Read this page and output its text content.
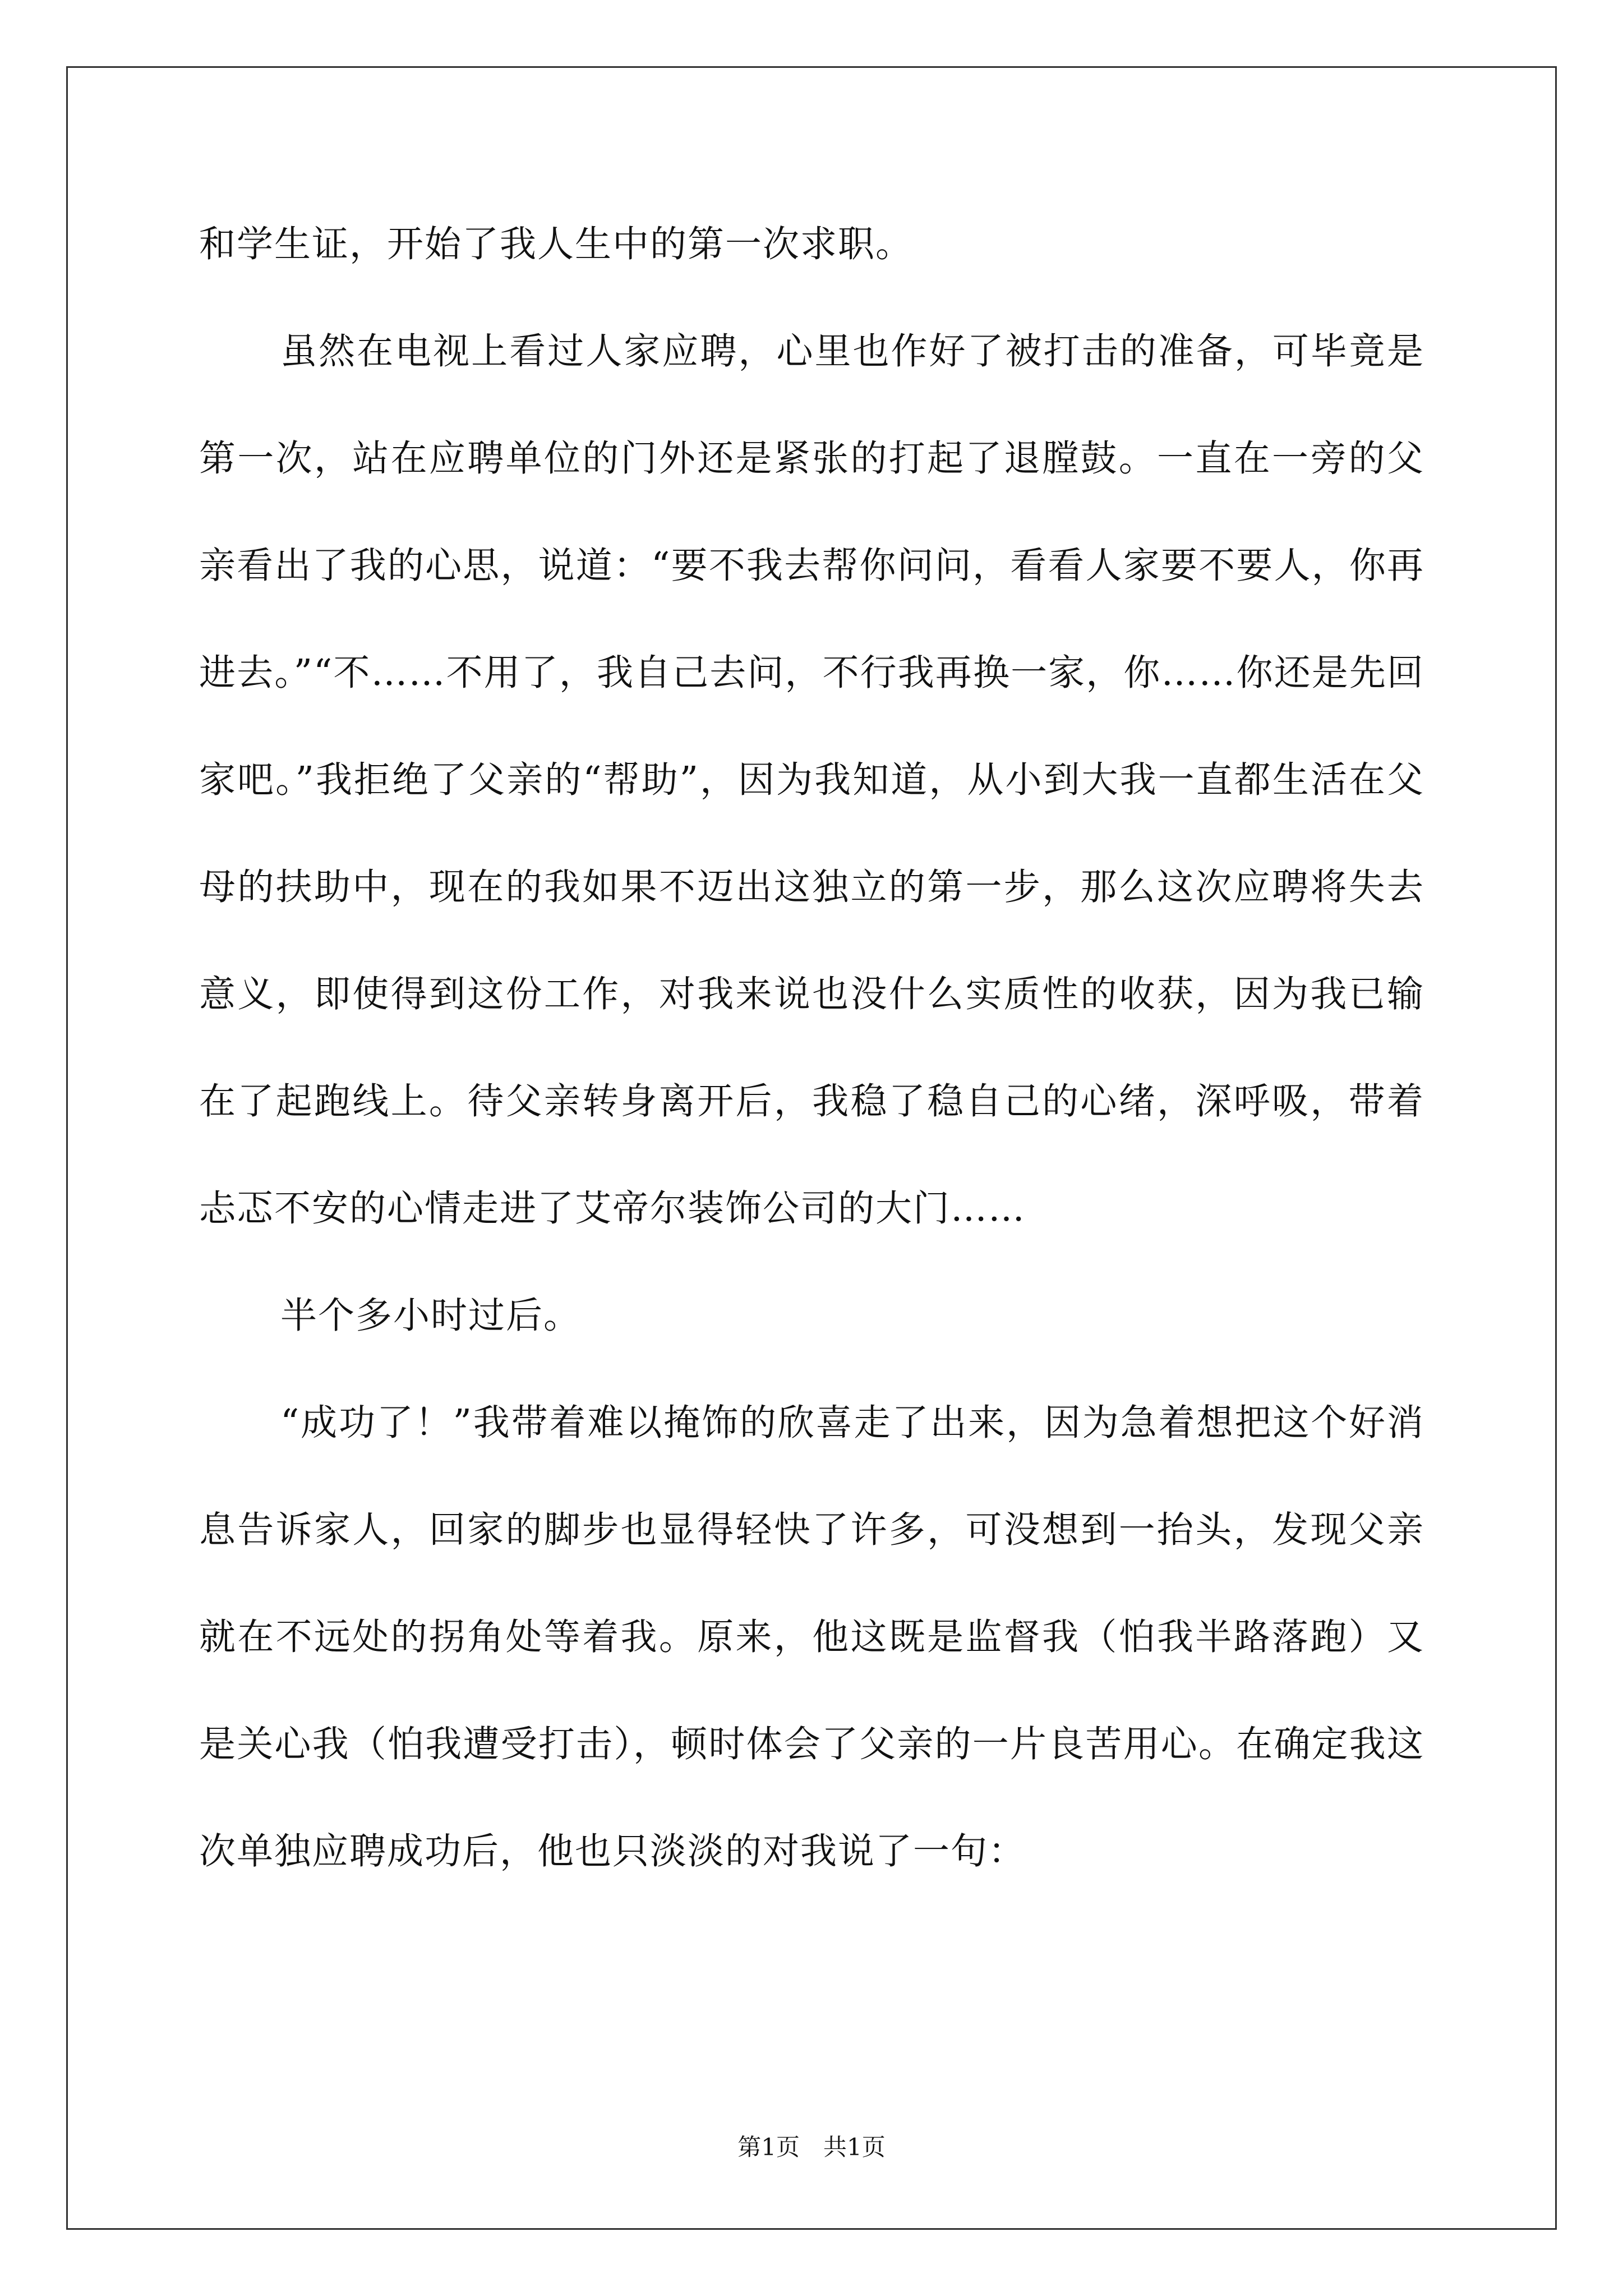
和学生证，开始了我人生中的第一次求职。

虽然在电视上看过人家应聘，心里也作好了被打击的准备，可毕竟是第一次，站在应聘单位的门外还是紧张的打起了退膛鼓。一直在一旁的父亲看出了我的心思，说道：“要不我去帮你问问，看看人家要不要人，你再进去。”“不……不用了，我自己去问，不行我再换一家，你……你还是先回家吧。”我拒绝了父亲的“帮助”，因为我知道，从小到大我一直都生活在父母的扶助中，现在的我如果不迈出这独立的第一步，那么这次应聘将失去意义，即使得到这份工作，对我来说也没什么实质性的收获，因为我已输在了起跑线上。待父亲转身离开后，我稳了稳自己的心绪，深呼吸，带着忐忑不安的心情走进了艾帝尔装饰公司的大门……

半个多小时过后。

“成功了！”我带着难以掩饰的欣喜走了出来，因为急着想把这个好消息告诉家人，回家的脚步也显得轻快了许多，可没想到一抬头，发现父亲就在不远处的拐角处等着我。原来，他这既是监督我（怕我半路落跑）又是关心我（怕我遭受打击），顿时体会了父亲的一片良苦用心。在确定我这次单独应聘成功后，他也只淡淡的对我说了一句：

第1页　共1页
